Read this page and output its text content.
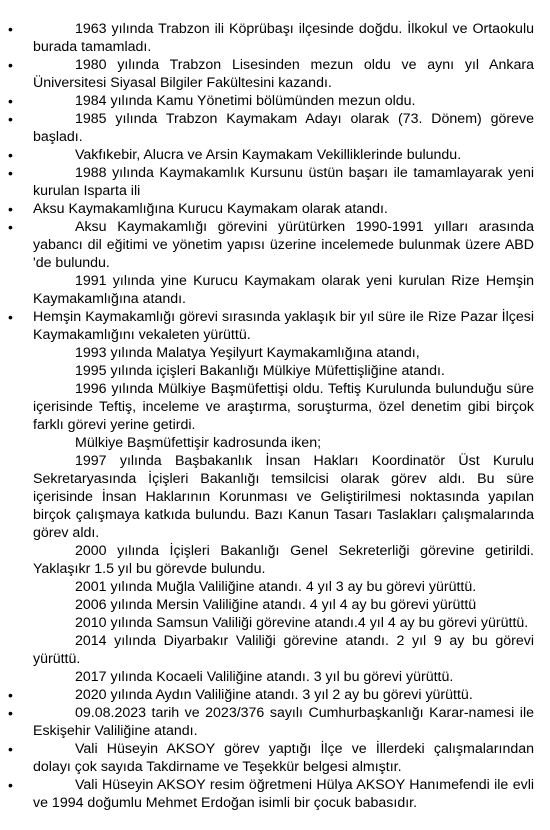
•	1963 yılında Trabzon ili Köprübaşı ilçesinde doğdu. İlkokul ve Ortaokulu burada tamamladı.
•	1980 yılında Trabzon Lisesinden mezun oldu ve aynı yıl Ankara Üniversitesi Siyasal Bilgiler Fakültesini kazandı.
•	1984 yılında Kamu Yönetimi bölümünden mezun oldu.
•	1985 yılında Trabzon Kaymakam Adayı olarak (73. Dönem) göreve başladı.
•	Vakfıkebir, Alucra ve Arsin Kaymakam Vekilliklerinde bulundu.
•	1988 yılında Kaymakamlık Kursunu üstün başarı ile tamamlayarak yeni kurulan Isparta ili
•	Aksu Kaymakamlığına Kurucu Kaymakam olarak atandı.
•	Aksu Kaymakamlığı görevini yürütürken 1990-1991 yılları arasında yabancı dil eğitimi ve yönetim yapısı üzerine incelemede bulunmak üzere ABD 'de bulundu.
1991 yılında yine Kurucu Kaymakam olarak yeni kurulan Rize Hemşin Kaymakamlığına atandı.
•	Hemşin Kaymakamlığı görevi sırasında yaklaşık bir yıl süre ile Rize Pazar İlçesi Kaymakamlığını vekaleten yürüttü.
1993 yılında Malatya Yeşilyurt Kaymakamlığına atandı,
1995 yılında içişleri Bakanlığı Mülkiye Müfettişliğine atandı.
1996 yılında Mülkiye Başmüfettişi oldu. Teftiş Kurulunda bulunduğu süre içerisinde Teftiş, inceleme ve araştırma, soruşturma, özel denetim gibi birçok farklı görevi yerine getirdi.
Mülkiye Başmüfettişir kadrosunda iken;
1997 yılında Başbakanlık İnsan Hakları Koordinatör Üst Kurulu Sekretaryasında İçişleri Bakanlığı temsilcisi olarak görev aldı. Bu süre içerisinde İnsan Haklarının Korunması ve Geliştirilmesi noktasında yapılan birçok çalışmaya katkıda bulundu. Bazı Kanun Tasarı Taslakları çalışmalarında görev aldı.
2000 yılında İçişleri Bakanlığı Genel Sekreterliği görevine getirildi. Yaklaşıkr 1.5 yıl bu görevde bulundu.
2001 yılında Muğla Valiliğine atandı. 4 yıl 3 ay bu görevi yürüttü.
2006 yılında Mersin Valiliğine atandı. 4 yıl 4 ay bu görevi yürüttü
2010 yılında Samsun Valiliği görevine atandı.4 yıl 4 ay bu görevi yürüttü.
2014 yılında Diyarbakır Valiliği görevine atandı. 2 yıl 9 ay bu görevi yürüttü.
2017 yılında Kocaeli Valiliğine atandı. 3 yıl bu görevi yürüttü.
•	2020 yılında Aydın Valiliğine atandı. 3 yıl 2 ay bu görevi yürüttü.
•	09.08.2023 tarih ve 2023/376 sayılı Cumhurbaşkanlığı Karar-namesi ile Eskişehir Valiliğine atandı.
•	Vali Hüseyin AKSOY görev yaptığı İlçe ve İllerdeki çalışmalarından dolayı çok sayıda Takdirname ve Teşekkür belgesi almıştır.
•	Vali Hüseyin AKSOY resim öğretmeni Hülya AKSOY Hanımefendi ile evli ve 1994 doğumlu Mehmet Erdoğan isimli bir çocuk babasıdır.
